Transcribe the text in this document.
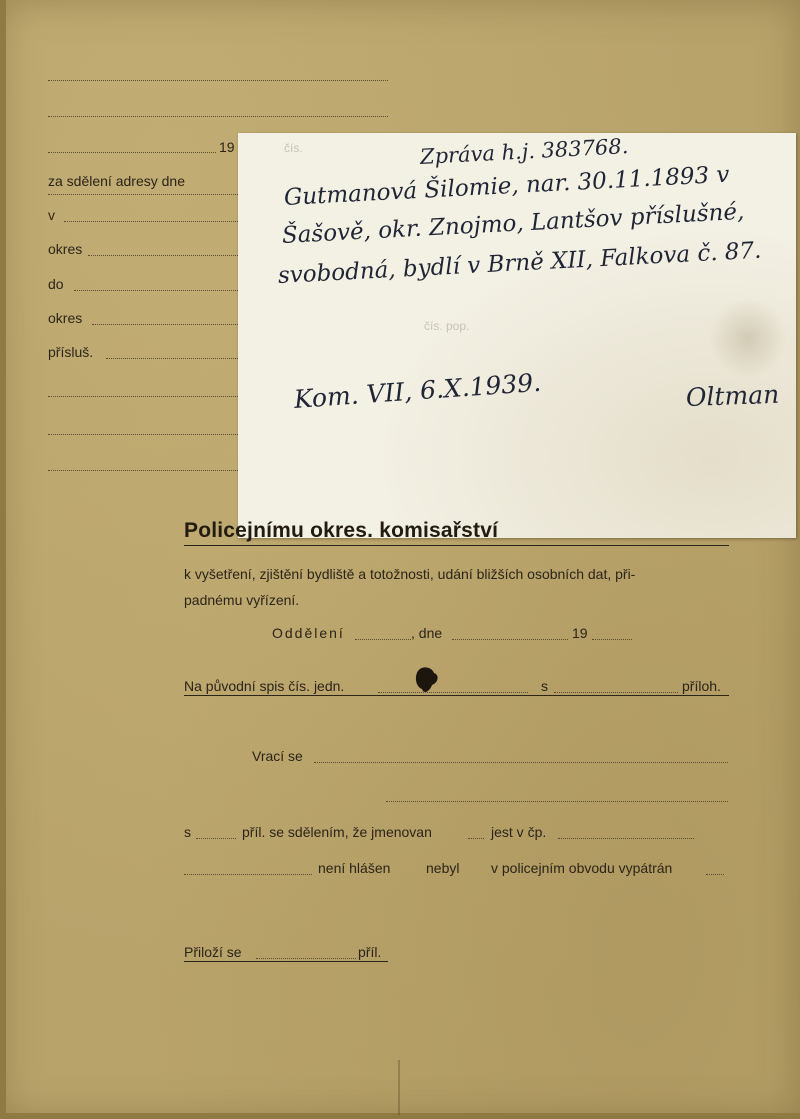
19
za sdělení adresy dne
v
okres
do
okres
přísluš.
čís.
čís. pop.
Zpráva h.j. 383768.
Gutmanová Šilomie, nar. 30.11.1893 v
Šašově, okr. Znojmo, Lantšov příslušné,
svobodná, bydlí v Brně XII, Falkova č. 87.
Kom. VII, 6.X.1939.	Oltman
Policejnímu okres. komisařství
k vyšetření, zjištění bydliště a totožnosti, udání bližších osobních dat, při-
padnému vyřízení.
Oddělení	, dne	19
Na původní spis čís. jedn.	s	příloh.
Vrací se
s	příl. se sdělením, že jmenovan	jest v čp.
není hlášen	nebyl v policejním obvodu vypátrán
Přiloží se	příl.
